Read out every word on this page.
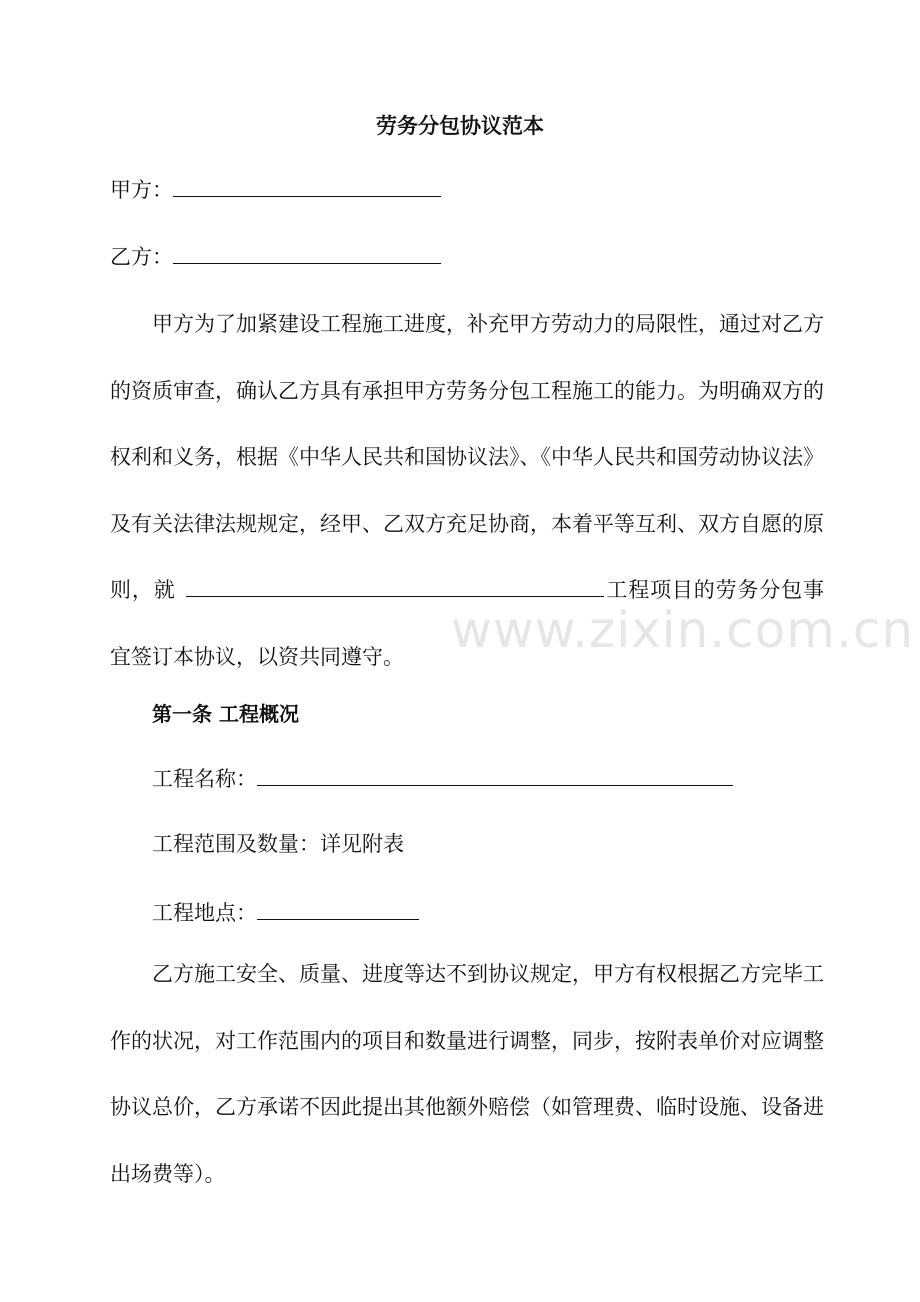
劳务分包协议范本
甲方：
乙方：
甲方为了加紧建设工程施工进度，补充甲方劳动力的局限性，通过对乙方的资质审查，确认乙方具有承担甲方劳务分包工程施工的能力。为明确双方的权利和义务，根据《中华人民共和国协议法》、《中华人民共和国劳动协议法》及有关法律法规规定，经甲、乙双方充足协商，本着平等互利、双方自愿的原则，就	工程项目的劳务分包事宜签订本协议，以资共同遵守。 www.zixin.com.cn
第一条 工程概况
工程名称：
工程范围及数量：详见附表
工程地点：
乙方施工安全、质量、进度等达不到协议规定，甲方有权根据乙方完毕工作的状况，对工作范围内的项目和数量进行调整，同步，按附表单价对应调整协议总价，乙方承诺不因此提出其他额外赔偿（如管理费、临时设施、设备进出场费等）。
